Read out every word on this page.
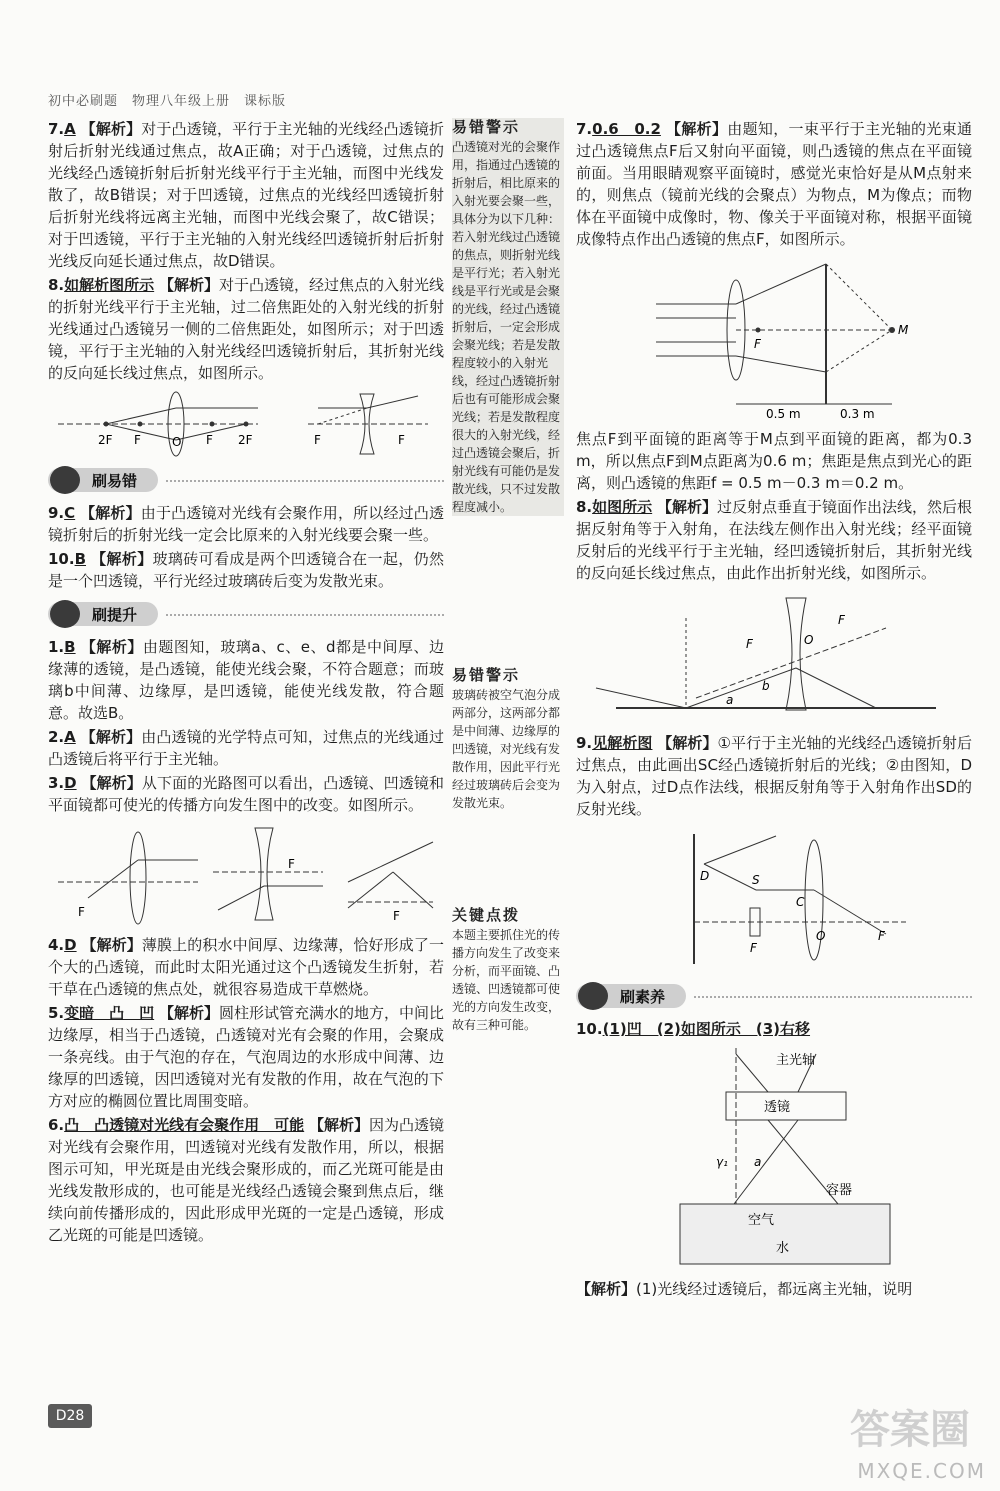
初中必刷题　物理八年级上册　课标版

7.A 【解析】对于凸透镜，平行于主光轴的光线经凸透镜折射后折射光线通过焦点，故A正确；对于凸透镜，过焦点的光线经凸透镜折射后折射光线平行于主光轴，而图中光线发散了，故B错误；对于凹透镜，过焦点的光线经凹透镜折射后折射光线将远离主光轴，而图中光线会聚了，故C错误；对于凹透镜，平行于主光轴的入射光线经凹透镜折射后折射光线反向延长通过焦点，故D错误。

8.如解析图所示 【解析】对于凸透镜，经过焦点的入射光线的折射光线平行于主光轴，过二倍焦距处的入射光线的折射光线通过凸透镜另一侧的二倍焦距处，如图所示；对于凹透镜，平行于主光轴的入射光线经凹透镜折射后，其折射光线的反向延长线过焦点，如图所示。

2F F	O F 2F	F	F
刷易错

9.C 【解析】由于凸透镜对光线有会聚作用，所以经过凸透镜折射后的折射光线一定会比原来的入射光线要会聚一些。

10.B 【解析】玻璃砖可看成是两个凹透镜合在一起，仍然是一个凹透镜，平行光经过玻璃砖后变为发散光束。

刷提升

1.B 【解析】由题图知，玻璃a、c、e、d都是中间厚、边缘薄的透镜，是凸透镜，能使光线会聚，不符合题意；而玻璃b中间薄、边缘厚，是凹透镜，能使光线发散，符合题意。故选B。

2.A 【解析】由凸透镜的光学特点可知，过焦点的光线通过凸透镜后将平行于主光轴。

3.D 【解析】从下面的光路图可以看出，凸透镜、凹透镜和平面镜都可使光的传播方向发生图中的改变。如图所示。

F
F
F

4.D 【解析】薄膜上的积水中间厚、边缘薄，恰好形成了一个大的凸透镜，而此时太阳光通过这个凸透镜发生折射，若干草在凸透镜的焦点处，就很容易造成干草燃烧。

5.变暗　凸　凹 【解析】圆柱形试管充满水的地方，中间比边缘厚，相当于凸透镜，凸透镜对光有会聚的作用，会聚成一条亮线。由于气泡的存在，气泡周边的水形成中间薄、边缘厚的凹透镜，因凹透镜对光有发散的作用，故在气泡的下方对应的椭圆位置比周围变暗。

6.凸　凸透镜对光线有会聚作用　可能 【解析】因为凸透镜对光线有会聚作用，凹透镜对光线有发散作用，所以，根据图示可知，甲光斑是由光线会聚形成的，而乙光斑可能是由光线发散形成的，也可能是光线经凸透镜会聚到焦点后，继续向前传播形成的，因此形成甲光斑的一定是凸透镜，形成乙光斑的可能是凹透镜。

易错警示
凸透镜对光的会聚作用，指通过凸透镜的折射后，相比原来的入射光要会聚一些，具体分为以下几种：若入射光线过凸透镜的焦点，则折射光线是平行光；若入射光线是平行光或是会聚的光线，经过凸透镜折射后，一定会形成会聚光线；若是发散程度较小的入射光线，经过凸透镜折射后也有可能形成会聚光线；若是发散程度很大的入射光线，经过凸透镜会聚后，折射光线有可能仍是发散光线，只不过发散程度减小。
易错警示
玻璃砖被空气泡分成两部分，这两部分都是中间薄、边缘厚的凹透镜，对光线有发散作用，因此平行光经过玻璃砖后会变为发散光束。
关键点拨
本题主要抓住光的传播方向发生了改变来分析，而平面镜、凸透镜、凹透镜都可使光的方向发生改变，故有三种可能。

7.0.6　0.2 【解析】由题知，一束平行于主光轴的光束通过凸透镜焦点F后又射向平面镜，则凸透镜的焦点在平面镜前面。当用眼睛观察平面镜时，感觉光束恰好是从M点射来的，则焦点（镜前光线的会聚点）为物点，M为像点；而物体在平面镜中成像时，物、像关于平面镜对称，根据平面镜成像特点作出凸透镜的焦点F，如图所示。

F
M
0.5 m	0.3 m

焦点F到平面镜的距离等于M点到平面镜的距离，都为0.3 m，所以焦点F到M点距离为0.6 m；焦距是焦点到光心的距离，则凸透镜的焦距f = 0.5 m－0.3 m＝0.2 m。

8.如图所示 【解析】过反射点垂直于镜面作出法线，然后根据反射角等于入射角，在法线左侧作出入射光线；经平面镜反射后的光线平行于主光轴，经凹透镜折射后，其折射光线的反向延长线过焦点，由此作出折射光线，如图所示。

F	O
F
a
b

9.见解析图 【解析】①平行于主光轴的光线经凸透镜折射后过焦点，由此画出SC经凸透镜折射后的光线；②由图知，D为入射点，过D点作法线，根据反射角等于入射角作出SD的反射光线。

D	S
C
F
O	F
刷素养

10.(1)凹　(2)如图所示　(3)右移

主光轴
透镜
容器
空气
水
γ₁ a

【解析】(1)光线经过透镜后，都远离主光轴，说明

D28	答案圈
MXQE.COM
